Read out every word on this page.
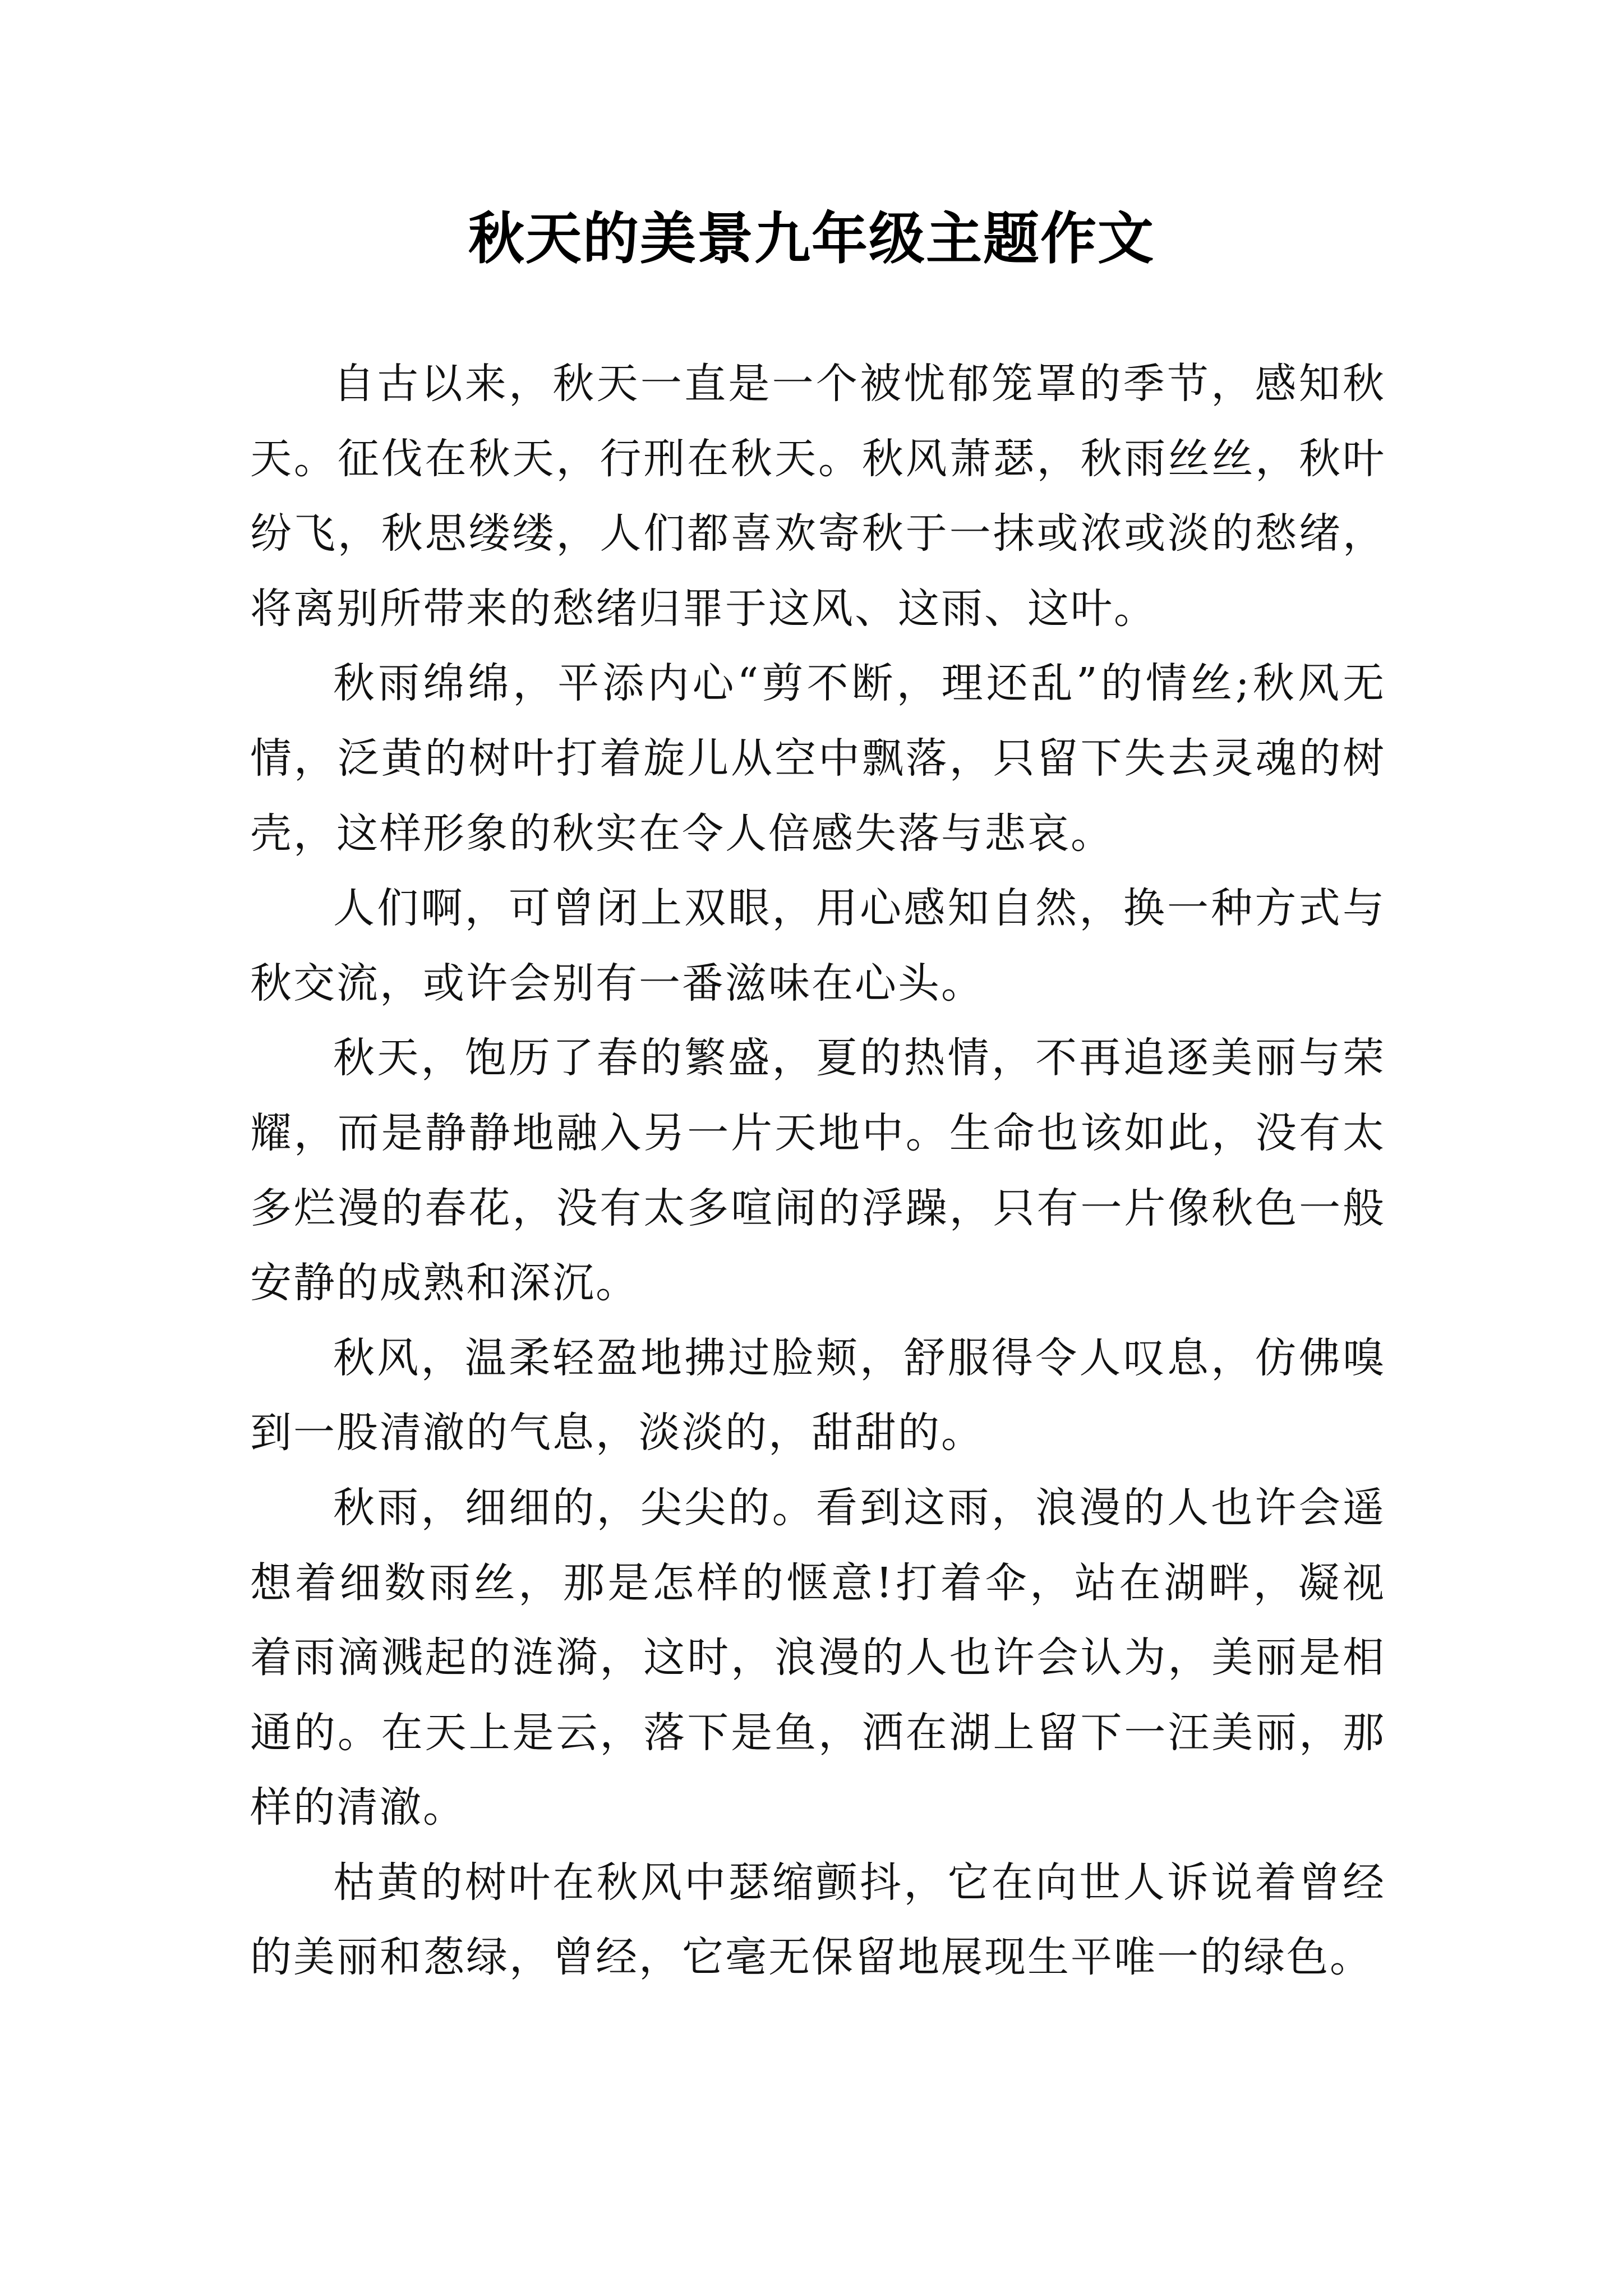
秋天的美景九年级主题作文

自古以来，秋天一直是一个被忧郁笼罩的季节，感知秋天。征伐在秋天，行刑在秋天。秋风萧瑟，秋雨丝丝，秋叶纷飞，秋思缕缕，人们都喜欢寄秋于一抹或浓或淡的愁绪，将离别所带来的愁绪归罪于这风、这雨、这叶。

秋雨绵绵，平添内心“剪不断，理还乱”的情丝;秋风无情，泛黄的树叶打着旋儿从空中飘落，只留下失去灵魂的树壳，这样形象的秋实在令人倍感失落与悲哀。

人们啊，可曾闭上双眼，用心感知自然，换一种方式与秋交流，或许会别有一番滋味在心头。

秋天，饱历了春的繁盛，夏的热情，不再追逐美丽与荣耀，而是静静地融入另一片天地中。生命也该如此，没有太多烂漫的春花，没有太多喧闹的浮躁，只有一片像秋色一般安静的成熟和深沉。

秋风，温柔轻盈地拂过脸颊，舒服得令人叹息，仿佛嗅到一股清澈的气息，淡淡的，甜甜的。

秋雨，细细的，尖尖的。看到这雨，浪漫的人也许会遥想着细数雨丝，那是怎样的惬意!打着伞，站在湖畔，凝视着雨滴溅起的涟漪，这时，浪漫的人也许会认为，美丽是相通的。在天上是云，落下是鱼，洒在湖上留下一汪美丽，那样的清澈。

枯黄的树叶在秋风中瑟缩颤抖，它在向世人诉说着曾经的美丽和葱绿，曾经，它毫无保留地展现生平唯一的绿色。
